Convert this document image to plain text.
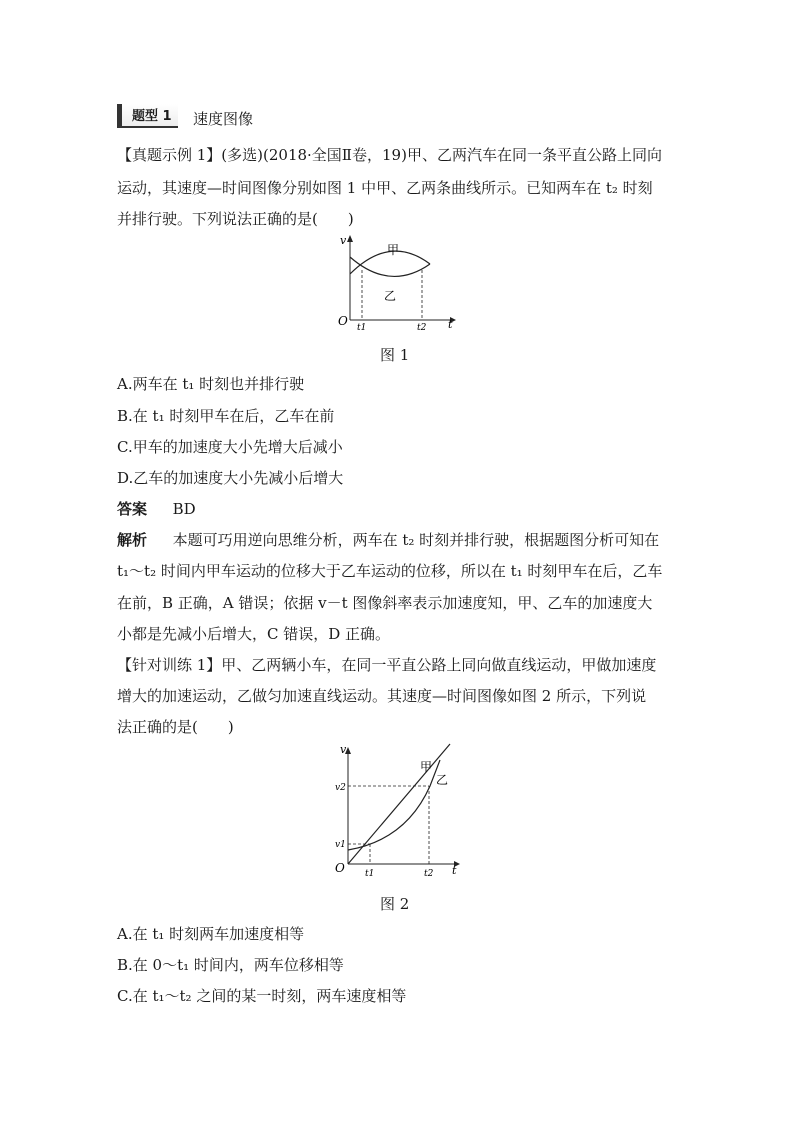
题型 1	速度图像
【真题示例 1】(多选)(2018·全国Ⅱ卷，19)甲、乙两汽车在同一条平直公路上同向
运动，其速度—时间图像分别如图 1 中甲、乙两条曲线所示。已知两车在 t₂ 时刻
并排行驶。下列说法正确的是(　　)
v
t
O t1	t2
甲
乙
图 1
A.两车在 t₁ 时刻也并排行驶
B.在 t₁ 时刻甲车在后，乙车在前
C.甲车的加速度大小先增大后减小
D.乙车的加速度大小先减小后增大
答案 BD
解析 本题可巧用逆向思维分析，两车在 t₂ 时刻并排行驶，根据题图分析可知在
t₁～t₂ 时间内甲车运动的位移大于乙车运动的位移，所以在 t₁ 时刻甲车在后，乙车
在前，B 正确，A 错误；依据 v－t 图像斜率表示加速度知，甲、乙车的加速度大
小都是先减小后增大，C 错误，D 正确。
【针对训练 1】甲、乙两辆小车，在同一平直公路上同向做直线运动，甲做加速度
增大的加速运动，乙做匀加速直线运动。其速度—时间图像如图 2 所示，下列说
法正确的是(　　)
v
t
O
v1
v2
t1	t2
甲
乙
图 2
A.在 t₁ 时刻两车加速度相等
B.在 0～t₁ 时间内，两车位移相等
C.在 t₁～t₂ 之间的某一时刻，两车速度相等
